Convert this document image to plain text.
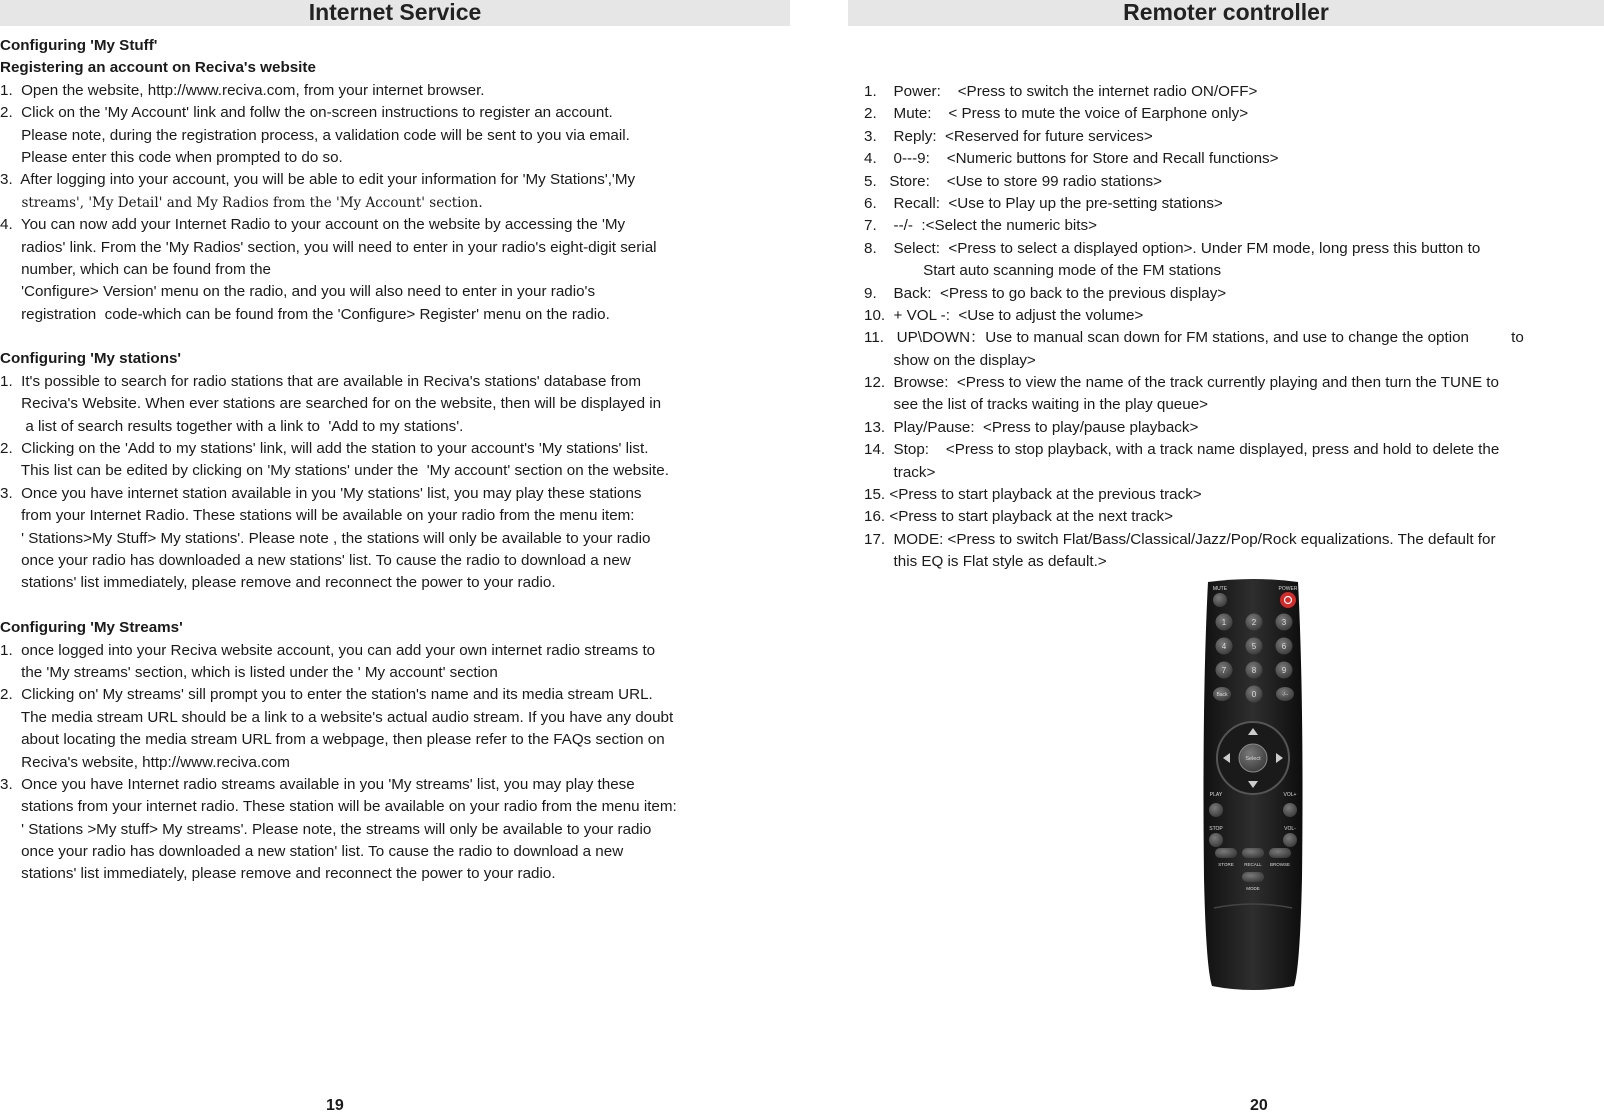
Internet Service	Remoter controller
Configuring 'My Stuff'
Registering an account on Reciva's website
1.  Open the website, http://www.reciva.com, from your internet browser.
2.  Click on the 'My Account' link and follw the on-screen instructions to register an account.
Please note, during the registration process, a validation code will be sent to you via email.
Please enter this code when prompted to do so.
3.  After logging into your account, you will be able to edit your information for 'My Stations','My
streams', 'My Detail' and My Radios from the 'My Account' section.
4.  You can now add your Internet Radio to your account on the website by accessing the 'My
radios' link. From the 'My Radios' section, you will need to enter in your radio's eight-digit serial
number, which can be found from the
'Configure> Version' menu on the radio, and you will also need to enter in your radio's
registration  code-which can be found from the 'Configure> Register' menu on the radio.
Configuring 'My stations'
1.  It's possible to search for radio stations that are available in Reciva's stations' database from
Reciva's Website. When ever stations are searched for on the website, then will be displayed in
a list of search results together with a link to  'Add to my stations'.
2.  Clicking on the 'Add to my stations' link, will add the station to your account's 'My stations' list.
This list can be edited by clicking on 'My stations' under the  'My account' section on the website.
3.  Once you have internet station available in you 'My stations' list, you may play these stations
from your Internet Radio. These stations will be available on your radio from the menu item:
' Stations>My Stuff> My stations'. Please note , the stations will only be available to your radio
once your radio has downloaded a new stations' list. To cause the radio to download a new
stations' list immediately, please remove and reconnect the power to your radio.
Configuring 'My Streams'
1.  once logged into your Reciva website account, you can add your own internet radio streams to
the 'My streams' section, which is listed under the ' My account' section
2.  Clicking on' My streams' sill prompt you to enter the station's name and its media stream URL.
The media stream URL should be a link to a website's actual audio stream. If you have any doubt
about locating the media stream URL from a webpage, then please refer to the FAQs section on
Reciva's website, http://www.reciva.com
3.  Once you have Internet radio streams available in you 'My streams' list, you may play these
stations from your internet radio. These station will be available on your radio from the menu item:
' Stations >My stuff> My streams'. Please note, the streams will only be available to your radio
once your radio has downloaded a new station' list. To cause the radio to download a new
stations' list immediately, please remove and reconnect the power to your radio.
1.    Power:    <Press to switch the internet radio ON/OFF>
2.    Mute:    < Press to mute the voice of Earphone only>
3.    Reply:  <Reserved for future services>
4.    0---9:    <Numeric buttons for Store and Recall functions>
5.   Store:    <Use to store 99 radio stations>
6.    Recall:  <Use to Play up the pre-setting stations>
7.    --/-  :<Select the numeric bits>
8.    Select:  <Press to select a displayed option>. Under FM mode, long press this button to
Start auto scanning mode of the FM stations
9.    Back:  <Press to go back to the previous display>
10.  + VOL -:  <Use to adjust the volume>
11.   UP\DOWN：Use to manual scan down for FM stations, and use to change the option          to
show on the display>
12.  Browse:  <Press to view the name of the track currently playing and then turn the TUNE to
see the list of tracks waiting in the play queue>
13.  Play/Pause:  <Press to play/pause playback>
14.  Stop:    <Press to stop playback, with a track name displayed, press and hold to delete the
track>
15. <Press to start playback at the previous track>
16. <Press to start playback at the next track>
17.  MODE: <Press to switch Flat/Bass/Classical/Jazz/Pop/Rock equalizations. The default for
this EQ is Flat style as default.>
MUTE	POWER
1	2	3
4	5	6
7	8	9
Back	0	-/--
Select
PLAY	VOL+
STOP	VOL-
STORE RECALL BROWSE
MODE
19	20
